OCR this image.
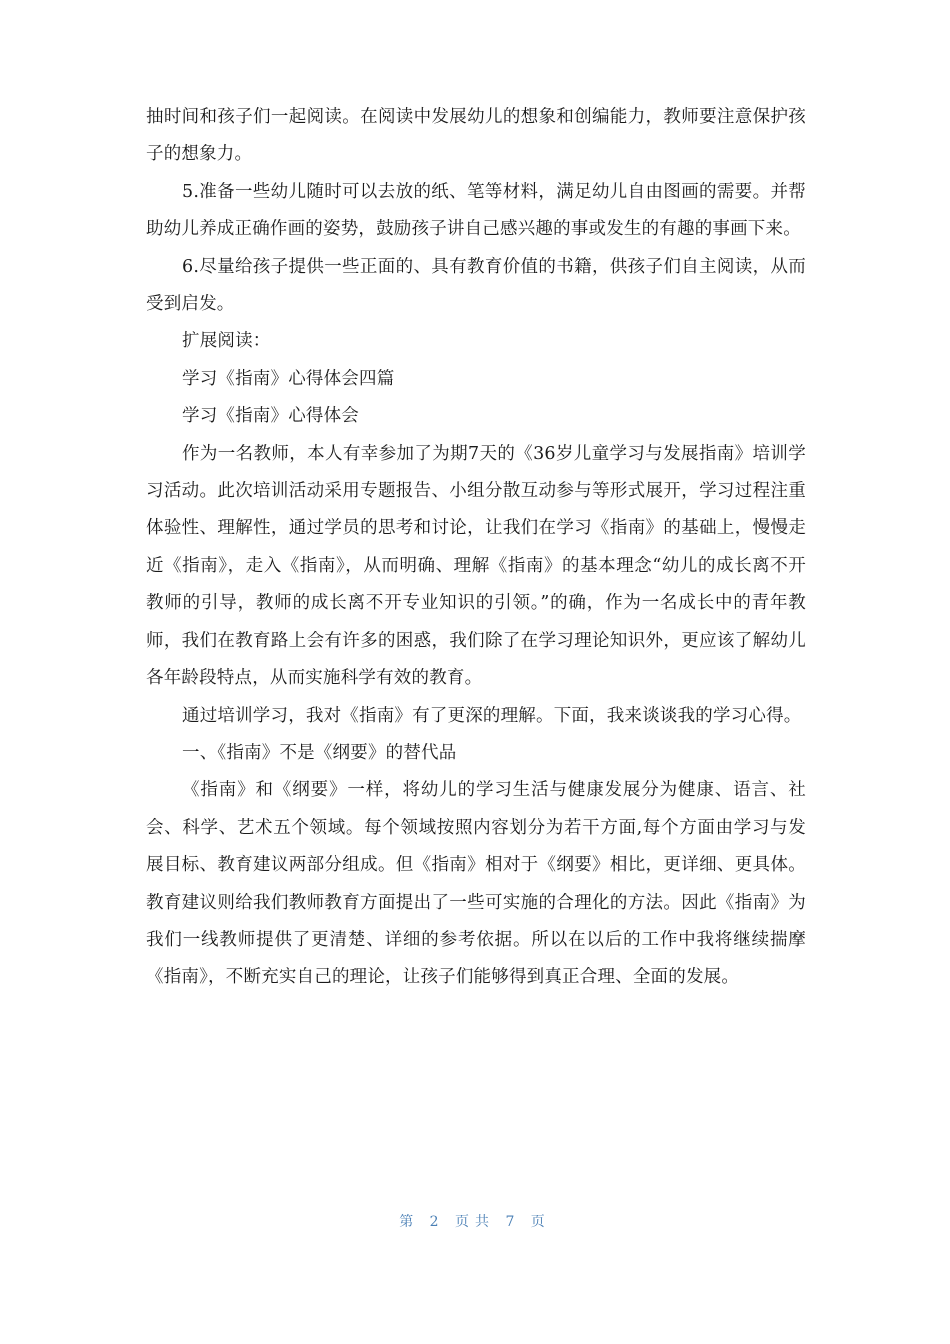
抽时间和孩子们一起阅读。在阅读中发展幼儿的想象和创编能力，教师要注意保护孩子的想象力。

5.准备一些幼儿随时可以去放的纸、笔等材料，满足幼儿自由图画的需要。并帮助幼儿养成正确作画的姿势，鼓励孩子讲自己感兴趣的事或发生的有趣的事画下来。

6.尽量给孩子提供一些正面的、具有教育价值的书籍，供孩子们自主阅读，从而受到启发。

扩展阅读：

学习《指南》心得体会四篇

学习《指南》心得体会

作为一名教师，本人有幸参加了为期7天的《36岁儿童学习与发展指南》培训学习活动。此次培训活动采用专题报告、小组分散互动参与等形式展开，学习过程注重体验性、理解性，通过学员的思考和讨论，让我们在学习《指南》的基础上，慢慢走近《指南》，走入《指南》，从而明确、理解《指南》的基本理念“幼儿的成长离不开教师的引导，教师的成长离不开专业知识的引领。”的确，作为一名成长中的青年教师，我们在教育路上会有许多的困惑，我们除了在学习理论知识外，更应该了解幼儿各年龄段特点，从而实施科学有效的教育。

通过培训学习，我对《指南》有了更深的理解。下面，我来谈谈我的学习心得。

一、《指南》不是《纲要》的替代品

《指南》和《纲要》一样，将幼儿的学习生活与健康发展分为健康、语言、社会、科学、艺术五个领域。每个领域按照内容划分为若干方面,每个方面由学习与发展目标、教育建议两部分组成。但《指南》相对于《纲要》相比，更详细、更具体。教育建议则给我们教师教育方面提出了一些可实施的合理化的方法。因此《指南》为我们一线教师提供了更清楚、详细的参考依据。所以在以后的工作中我将继续揣摩《指南》，不断充实自己的理论，让孩子们能够得到真正合理、全面的发展。

第 2 页共 7 页
